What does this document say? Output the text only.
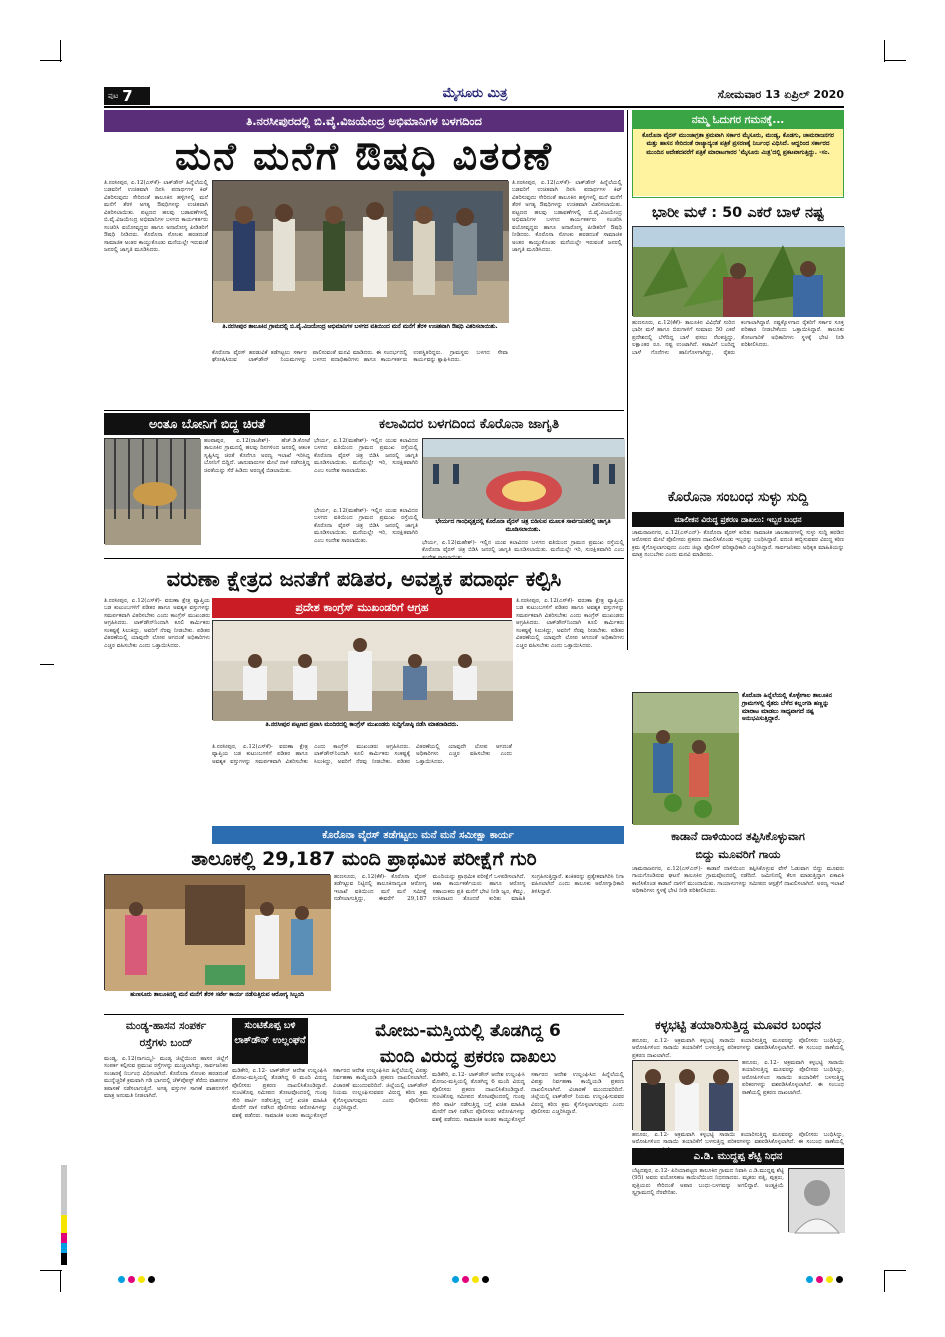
ಪುಟ 7	ಮೈಸೂರು ಮಿತ್ರ	ಸೋಮವಾರ 13 ಏಪ್ರಿಲ್ 2020
ತಿ.ನರಸೀಪುರದಲ್ಲಿ ಬಿ.ವೈ.ವಿಜಯೇಂದ್ರ ಅಭಿಮಾನಿಗಳ ಬಳಗದಿಂದ
ಮನೆ ಮನೆಗೆ ಔಷಧಿ ವಿತರಣೆ
ತಿ.ನರಸೀಪುರ, ಏ.12(ಎಸ್‌ಕೆ)- ಲಾಕ್‌ಡೌನ್ ಹಿನ್ನೆಲೆಯಲ್ಲಿ ಬಡವರಿಗೆ ಉಚಿತವಾಗಿ ದಿನಸಿ ಪದಾರ್ಥಗಳ ಕಿಟ್ ವಿತರಿಸುವುದು ಸೇರಿದಂತೆ ತಾಲೂಕಿನ ಹಳ್ಳಿಗಳಲ್ಲಿ ಮನೆ ಮನೆಗೆ ತೆರಳಿ ಅಗತ್ಯ ಔಷಧಿಗಳನ್ನು ಉಚಿತವಾಗಿ ವಿತರಿಸಲಾಯಿತು. ಪಟ್ಟಣದ ಹಲವು ಬಡಾವಣೆಗಳಲ್ಲಿ ಬಿ.ವೈ.ವಿಜಯೇಂದ್ರ ಅಭಿಮಾನಿಗಳ ಬಳಗದ ಕಾರ್ಯಕರ್ತರು ಸಂಚರಿಸಿ ವಯೋವೃದ್ಧರು ಹಾಗೂ ಅನಾರೋಗ್ಯ ಪೀಡಿತರಿಗೆ ಔಷಧಿ ನೀಡಿದರು. ಕೊರೊನಾ ಸೋಂಕು ಹರಡದಂತೆ ಸಾಮಾಜಿಕ ಅಂತರ ಕಾಯ್ದುಕೊಂಡು ಮನೆಯಲ್ಲೇ ಇರುವಂತೆ ಜನರಲ್ಲಿ ಜಾಗೃತಿ ಮೂಡಿಸಿದರು.
ತಿ.ನರಸೀಪುರ ತಾಲೂಕಿನ ಗ್ರಾಮದಲ್ಲಿ ಬಿ.ವೈ.ವಿಜಯೇಂದ್ರ ಅಭಿಮಾನಿಗಳ ಬಳಗದ ವತಿಯಿಂದ ಮನೆ ಮನೆಗೆ ತೆರಳಿ ಉಚಿತವಾಗಿ ಔಷಧಿ ವಿತರಿಸಲಾಯಿತು.
ಕೊರೊನಾ ವೈರಸ್ ಹರಡುವಿಕೆ ತಡೆಗಟ್ಟಲು ಸರ್ಕಾರ ಘೋಷಿಸಿರುವ ಲಾಕ್‌ಡೌನ್ ನಿಯಮಗಳನ್ನು ಪಾಲಿಸುವಂತೆ ಮನವಿ ಮಾಡಿದರು. ಈ ಸಂದರ್ಭದಲ್ಲಿ ಬಳಗದ ಪದಾಧಿಕಾರಿಗಳು ಹಾಗೂ ಕಾರ್ಯಕರ್ತರು ಉಪಸ್ಥಿತರಿದ್ದರು. ಗ್ರಾಮಸ್ಥರು ಬಳಗದ ಸೇವಾ ಕಾರ್ಯವನ್ನು ಶ್ಲಾಘಿಸಿದರು.
ತಿ.ನರಸೀಪುರ, ಏ.12(ಎಸ್‌ಕೆ)- ಲಾಕ್‌ಡೌನ್ ಹಿನ್ನೆಲೆಯಲ್ಲಿ ಬಡವರಿಗೆ ಉಚಿತವಾಗಿ ದಿನಸಿ ಪದಾರ್ಥಗಳ ಕಿಟ್ ವಿತರಿಸುವುದು ಸೇರಿದಂತೆ ತಾಲೂಕಿನ ಹಳ್ಳಿಗಳಲ್ಲಿ ಮನೆ ಮನೆಗೆ ತೆರಳಿ ಅಗತ್ಯ ಔಷಧಿಗಳನ್ನು ಉಚಿತವಾಗಿ ವಿತರಿಸಲಾಯಿತು. ಪಟ್ಟಣದ ಹಲವು ಬಡಾವಣೆಗಳಲ್ಲಿ ಬಿ.ವೈ.ವಿಜಯೇಂದ್ರ ಅಭಿಮಾನಿಗಳ ಬಳಗದ ಕಾರ್ಯಕರ್ತರು ಸಂಚರಿಸಿ ವಯೋವೃದ್ಧರು ಹಾಗೂ ಅನಾರೋಗ್ಯ ಪೀಡಿತರಿಗೆ ಔಷಧಿ ನೀಡಿದರು. ಕೊರೊನಾ ಸೋಂಕು ಹರಡದಂತೆ ಸಾಮಾಜಿಕ ಅಂತರ ಕಾಯ್ದುಕೊಂಡು ಮನೆಯಲ್ಲೇ ಇರುವಂತೆ ಜನರಲ್ಲಿ ಜಾಗೃತಿ ಮೂಡಿಸಿದರು.
ನಮ್ಮ ಓದುಗರ ಗಮನಕ್ಕೆ...
ಕೊರೊನಾ ವೈರಸ್ ಮುಂಜಾಗ್ರತಾ ಕ್ರಮವಾಗಿ ಸರ್ಕಾರ ಮೈಸೂರು, ಮಂಡ್ಯ, ಕೊಡಗು, ಚಾಮರಾಜನಗರ ಮತ್ತು ಹಾಸನ ಸೇರಿದಂತೆ ರಾಜ್ಯಾದ್ಯಂತ ಪತ್ರಿಕೆ ಪ್ರಸರಣಕ್ಕೆ ನಿರ್ಬಂಧ ವಿಧಿಸಿದೆ. ಆದ್ದರಿಂದ ಸರ್ಕಾರದ ಮುಂದಿನ ಆದೇಶದವರೆಗೆ ಪತ್ರಿಕೆ ಮಾರಾಟಗಾರರ 'ಮೈಸೂರು ಮಿತ್ರ'ದಲ್ಲಿ ಪ್ರಕಟವಾಗುತ್ತಿದ್ದು. -ಸಂ.
ಭಾರೀ ಮಳೆ : 50 ಎಕರೆ ಬಾಳೆ ನಷ್ಟ
ಹುಣಸೂರು, ಏ.12(ಕೆಕೆ)- ತಾಲೂಕಿನ ವಿವಿಧೆಡೆ ಸುರಿದ ಭಾರೀ ಮಳೆ ಹಾಗೂ ಬಿರುಗಾಳಿಗೆ ಸುಮಾರು 50 ಎಕರೆ ಪ್ರದೇಶದಲ್ಲಿ ಬೆಳೆದಿದ್ದ ಬಾಳೆ ಫಸಲು ನೆಲಕಚ್ಚಿದ್ದು, ಲಕ್ಷಾಂತರ ರೂ. ನಷ್ಟ ಉಂಟಾಗಿದೆ. ಕಟಾವಿಗೆ ಬಂದಿದ್ದ ಬಾಳೆ ಗೊನೆಗಳು ಹಾನಿಗೊಳಗಾಗಿದ್ದು, ರೈತರು ಕಂಗಾಲಾಗಿದ್ದಾರೆ. ನಷ್ಟಕ್ಕೊಳಗಾದ ರೈತರಿಗೆ ಸರ್ಕಾರ ಸೂಕ್ತ ಪರಿಹಾರ ನೀಡಬೇಕೆಂದು ಒತ್ತಾಯಿಸಿದ್ದಾರೆ. ತಾಲೂಕು ತೋಟಗಾರಿಕೆ ಅಧಿಕಾರಿಗಳು ಸ್ಥಳಕ್ಕೆ ಭೇಟಿ ನೀಡಿ ಪರಿಶೀಲಿಸಿದರು.
ಅಂತೂ ಬೋನಿಗೆ ಬಿದ್ದ ಚಿರತೆ
ಹಂಪಾಪುರ, ಏ.12(ರಾಜೇಶ್)- ಹೆಚ್.ಡಿ.ಕೋಟೆ ತಾಲೂಕಿನ ಗ್ರಾಮದಲ್ಲಿ ಹಲವು ದಿನಗಳಿಂದ ಜನರಲ್ಲಿ ಆತಂಕ ಸೃಷ್ಟಿಸಿದ್ದ ಚಿರತೆ ಕೊನೆಗೂ ಅರಣ್ಯ ಇಲಾಖೆ ಇರಿಸಿದ್ದ ಬೋನಿಗೆ ಬಿದ್ದಿದೆ. ಜಾನುವಾರುಗಳ ಮೇಲೆ ದಾಳಿ ನಡೆಸುತ್ತಿದ್ದ ಚಿರತೆಯನ್ನು ಸೆರೆ ಹಿಡಿದು ಅರಣ್ಯಕ್ಕೆ ಬಿಡಲಾಯಿತು.
ಕಲಾವಿದರ ಬಳಗದಿಂದ ಕೊರೊನಾ ಜಾಗೃತಿ
ಭೇರ್ಯ, ಏ.12(ಮಹೇಶ್)- ಇಲ್ಲಿನ ಯುವ ಕಲಾವಿದರ ಬಳಗದ ವತಿಯಿಂದ ಗ್ರಾಮದ ಪ್ರಮುಖ ರಸ್ತೆಯಲ್ಲಿ ಕೊರೊನಾ ವೈರಸ್ ಚಿತ್ರ ಬಿಡಿಸಿ ಜನರಲ್ಲಿ ಜಾಗೃತಿ ಮೂಡಿಸಲಾಯಿತು. ಮನೆಯಲ್ಲೇ ಇರಿ, ಸುರಕ್ಷಿತವಾಗಿರಿ ಎಂಬ ಸಂದೇಶ ಸಾರಲಾಯಿತು.
ಭೇರ್ಯದ ಗಾಂಧಿವೃತ್ತದಲ್ಲಿ ಕೊರೊನಾ ವೈರಸ್ ಚಿತ್ರ ಬಿಡಿಸುವ ಮೂಲಕ ಸಾರ್ವಜನಿಕರಲ್ಲಿ ಜಾಗೃತಿ ಮೂಡಿಸಲಾಯಿತು.
ಭೇರ್ಯ, ಏ.12(ಮಹೇಶ್)- ಇಲ್ಲಿನ ಯುವ ಕಲಾವಿದರ ಬಳಗದ ವತಿಯಿಂದ ಗ್ರಾಮದ ಪ್ರಮುಖ ರಸ್ತೆಯಲ್ಲಿ ಕೊರೊನಾ ವೈರಸ್ ಚಿತ್ರ ಬಿಡಿಸಿ ಜನರಲ್ಲಿ ಜಾಗೃತಿ ಮೂಡಿಸಲಾಯಿತು. ಮನೆಯಲ್ಲೇ ಇರಿ, ಸುರಕ್ಷಿತವಾಗಿರಿ ಎಂಬ ಸಂದೇಶ ಸಾರಲಾಯಿತು.	ಭೇರ್ಯ, ಏ.12(ಮಹೇಶ್)- ಇಲ್ಲಿನ ಯುವ ಕಲಾವಿದರ ಬಳಗದ ವತಿಯಿಂದ ಗ್ರಾಮದ ಪ್ರಮುಖ ರಸ್ತೆಯಲ್ಲಿ ಕೊರೊನಾ ವೈರಸ್ ಚಿತ್ರ ಬಿಡಿಸಿ ಜನರಲ್ಲಿ ಜಾಗೃತಿ ಮೂಡಿಸಲಾಯಿತು. ಮನೆಯಲ್ಲೇ ಇರಿ, ಸುರಕ್ಷಿತವಾಗಿರಿ ಎಂಬ
ವರುಣಾ ಕ್ಷೇತ್ರದ ಜನತೆಗೆ ಪಡಿತರ, ಅವಶ್ಯಕ ಪದಾರ್ಥ ಕಲ್ಪಿಸಿ
ತಿ.ನರಸೀಪುರ, ಏ.12(ಎಸ್‌ಕೆ)- ವರುಣಾ ಕ್ಷೇತ್ರ ವ್ಯಾಪ್ತಿಯ ಬಡ ಕುಟುಂಬಗಳಿಗೆ ಪಡಿತರ ಹಾಗೂ ಅವಶ್ಯಕ ವಸ್ತುಗಳನ್ನು ಸಮರ್ಪಕವಾಗಿ ವಿತರಿಸಬೇಕು ಎಂದು ಕಾಂಗ್ರೆಸ್ ಮುಖಂಡರು ಆಗ್ರಹಿಸಿದರು. ಲಾಕ್‌ಡೌನ್‌ನಿಂದಾಗಿ ಕೂಲಿ ಕಾರ್ಮಿಕರು ಸಂಕಷ್ಟಕ್ಕೆ ಸಿಲುಕಿದ್ದು, ಅವರಿಗೆ ನೆರವು ನೀಡಬೇಕು. ಪಡಿತರ ವಿತರಣೆಯಲ್ಲಿ ಯಾವುದೇ ಲೋಪ ಆಗದಂತೆ ಅಧಿಕಾರಿಗಳು ಎಚ್ಚರ ವಹಿಸಬೇಕು ಎಂದು ಒತ್ತಾಯಿಸಿದರು.
ಪ್ರದೇಶ ಕಾಂಗ್ರೆಸ್ ಮುಖಂಡರಿಗೆ ಆಗ್ರಹ
ತಿ.ನರಸೀಪುರ ಪಟ್ಟಣದ ಪ್ರವಾಸಿ ಮಂದಿರದಲ್ಲಿ ಕಾಂಗ್ರೆಸ್ ಮುಖಂಡರು ಸುದ್ದಿಗೋಷ್ಠಿ ನಡೆಸಿ ಮಾತನಾಡಿದರು.
ತಿ.ನರಸೀಪುರ, ಏ.12(ಎಸ್‌ಕೆ)- ವರುಣಾ ಕ್ಷೇತ್ರ ವ್ಯಾಪ್ತಿಯ ಬಡ ಕುಟುಂಬಗಳಿಗೆ ಪಡಿತರ ಹಾಗೂ ಅವಶ್ಯಕ ವಸ್ತುಗಳನ್ನು ಸಮರ್ಪಕವಾಗಿ ವಿತರಿಸಬೇಕು ಎಂದು ಕಾಂಗ್ರೆಸ್ ಮುಖಂಡರು ಆಗ್ರಹಿಸಿದರು. ಲಾಕ್‌ಡೌನ್‌ನಿಂದಾಗಿ ಕೂಲಿ ಕಾರ್ಮಿಕರು ಸಂಕಷ್ಟಕ್ಕೆ ಸಿಲುಕಿದ್ದು, ಅವರಿಗೆ ನೆರವು ನೀಡಬೇಕು. ಪಡಿತರ ವಿತರಣೆಯಲ್ಲಿ ಯಾವುದೇ ಲೋಪ ಆಗದಂತೆ ಅಧಿಕಾರಿಗಳು ಎಚ್ಚರ ವಹಿಸಬೇಕು ಎಂದು ಒತ್ತಾಯಿಸಿದರು.
ತಿ.ನರಸೀಪುರ, ಏ.12(ಎಸ್‌ಕೆ)- ವರುಣಾ ಕ್ಷೇತ್ರ ವ್ಯಾಪ್ತಿಯ ಬಡ ಕುಟುಂಬಗಳಿಗೆ ಪಡಿತರ ಹಾಗೂ ಅವಶ್ಯಕ ವಸ್ತುಗಳನ್ನು ಸಮರ್ಪಕವಾಗಿ ವಿತರಿಸಬೇಕು ಎಂದು ಕಾಂಗ್ರೆಸ್ ಮುಖಂಡರು ಆಗ್ರಹಿಸಿದರು. ಲಾಕ್‌ಡೌನ್‌ನಿಂದಾಗಿ ಕೂಲಿ ಕಾರ್ಮಿಕರು ಸಂಕಷ್ಟಕ್ಕೆ ಸಿಲುಕಿದ್ದು, ಅವರಿಗೆ ನೆರವು ನೀಡಬೇಕು. ಪಡಿತರ ವಿತರಣೆಯಲ್ಲಿ ಯಾವುದೇ ಲೋಪ ಆಗದಂತೆ ಅಧಿಕಾರಿಗಳು ಎಚ್ಚರ ವಹಿಸಬೇಕು ಎಂದು ಒತ್ತಾಯಿಸಿದರು.
ಕೊರೊನಾ ಸಂಬಂಧ ಸುಳ್ಳು ಸುದ್ದಿ
ಮಾಲೀಕನ ವಿರುದ್ಧ ಪ್ರಕರಣ ದಾಖಲು: ಇಬ್ಬರ ಬಂಧನ
ಚಾಮರಾಜನಗರ, ಏ.12(ಎಸ್‌ಎನ್)- ಕೊರೊನಾ ವೈರಸ್ ಕುರಿತು ಸಾಮಾಜಿಕ ಜಾಲತಾಣಗಳಲ್ಲಿ ಸುಳ್ಳು ಸುದ್ದಿ ಹರಡಿದ ಆರೋಪದ ಮೇಲೆ ಪೊಲೀಸರು ಪ್ರಕರಣ ದಾಖಲಿಸಿಕೊಂಡು ಇಬ್ಬರನ್ನು ಬಂಧಿಸಿದ್ದಾರೆ. ವದಂತಿ ಹಬ್ಬಿಸುವವರ ವಿರುದ್ಧ ಕಠಿಣ ಕ್ರಮ ಕೈಗೊಳ್ಳಲಾಗುವುದು ಎಂದು ಜಿಲ್ಲಾ ಪೊಲೀಸ್ ವರಿಷ್ಠಾಧಿಕಾರಿ ಎಚ್ಚರಿಸಿದ್ದಾರೆ. ಸಾರ್ವಜನಿಕರು ಅಧಿಕೃತ ಮಾಹಿತಿಯನ್ನು ಮಾತ್ರ ನಂಬಬೇಕು ಎಂದು ಮನವಿ ಮಾಡಿದರು.
ಕೊರೊನಾ ಹಿನ್ನೆಲೆಯಲ್ಲಿ ಕೊಳ್ಳೇಗಾಲ ತಾಲೂಕಿನ ಗ್ರಾಮಗಳಲ್ಲಿ ರೈತರು ಬೆಳೆದ ಕಲ್ಲಂಗಡಿ ಹಣ್ಣನ್ನು ಮಾರಾಟ ಮಾಡಲು ಸಾಧ್ಯವಾಗದೆ ನಷ್ಟ ಅನುಭವಿಸುತ್ತಿದ್ದಾರೆ.
ಕಾಡಾನೆ ದಾಳಿಯಿಂದ ತಪ್ಪಿಸಿಕೊಳ್ಳುವಾಗ
ಬಿದ್ದು ಮೂವರಿಗೆ ಗಾಯ
ಚಾಮರಾಜನಗರ, ಏ.12(ಎಸ್‌ಎನ್)- ಕಾಡಾನೆ ದಾಳಿಯಿಂದ ತಪ್ಪಿಸಿಕೊಳ್ಳುವ ವೇಳೆ ಓಡುವಾಗ ಬಿದ್ದು ಮೂವರು ಗಾಯಗೊಂಡಿರುವ ಘಟನೆ ತಾಲೂಕಿನ ಗ್ರಾಮವೊಂದರಲ್ಲಿ ನಡೆದಿದೆ. ಜಮೀನಿನಲ್ಲಿ ಕೆಲಸ ಮಾಡುತ್ತಿದ್ದಾಗ ಏಕಾಏಕಿ ಕಾಣಿಸಿಕೊಂಡ ಕಾಡಾನೆ ದಾಳಿಗೆ ಮುಂದಾಯಿತು. ಗಾಯಾಳುಗಳನ್ನು ಸಮೀಪದ ಆಸ್ಪತ್ರೆಗೆ ದಾಖಲಿಸಲಾಗಿದೆ. ಅರಣ್ಯ ಇಲಾಖೆ ಅಧಿಕಾರಿಗಳು ಸ್ಥಳಕ್ಕೆ ಭೇಟಿ ನೀಡಿ ಪರಿಶೀಲಿಸಿದರು.
ಕೊರೊನಾ ವೈರಸ್ ತಡೆಗಟ್ಟಲು ಮನೆ ಮನೆ ಸಮೀಕ್ಷಾ ಕಾರ್ಯ
ತಾಲೂಕಲ್ಲಿ 29,187 ಮಂದಿ ಪ್ರಾಥಮಿಕ ಪರೀಕ್ಷೆಗೆ ಗುರಿ
ಹುಣಸೂರು ತಾಲೂಕಿನಲ್ಲಿ ಮನೆ ಮನೆಗೆ ತೆರಳಿ ಸರ್ವೇ ಕಾರ್ಯ ನಡೆಸುತ್ತಿರುವ ಆರೋಗ್ಯ ಸಿಬ್ಬಂದಿ
ಹುಣಸೂರು, ಏ.12(ಕೆಕೆ)- ಕೊರೊನಾ ವೈರಸ್ ತಡೆಗಟ್ಟುವ ನಿಟ್ಟಿನಲ್ಲಿ ತಾಲೂಕಿನಾದ್ಯಂತ ಆರೋಗ್ಯ ಇಲಾಖೆ ವತಿಯಿಂದ ಮನೆ ಮನೆ ಸಮೀಕ್ಷೆ ನಡೆಸಲಾಗುತ್ತಿದ್ದು, ಈವರೆಗೆ 29,187 ಮಂದಿಯನ್ನು ಪ್ರಾಥಮಿಕ ಪರೀಕ್ಷೆಗೆ ಒಳಪಡಿಸಲಾಗಿದೆ. ಆಶಾ ಕಾರ್ಯಕರ್ತೆಯರು ಹಾಗೂ ಆರೋಗ್ಯ ಸಹಾಯಕರು ಪ್ರತಿ ಮನೆಗೆ ಭೇಟಿ ನೀಡಿ ಜ್ವರ, ಕೆಮ್ಮು, ಉಸಿರಾಟದ ತೊಂದರೆ ಕುರಿತು ಮಾಹಿತಿ ಸಂಗ್ರಹಿಸುತ್ತಿದ್ದಾರೆ. ಶಂಕಿತರನ್ನು ಪ್ರತ್ಯೇಕವಾಗಿರಿಸಿ ನಿಗಾ ವಹಿಸಲಾಗಿದೆ ಎಂದು ತಾಲೂಕು ಆರೋಗ್ಯಾಧಿಕಾರಿ ತಿಳಿಸಿದ್ದಾರೆ.
ಕಳ್ಳಭಟ್ಟಿ ತಯಾರಿಸುತ್ತಿದ್ದ ಮೂವರ ಬಂಧನ
ಹನೂರು, ಏ.12- ಅಕ್ರಮವಾಗಿ ಕಳ್ಳಭಟ್ಟಿ ಸಾರಾಯಿ ತಯಾರಿಸುತ್ತಿದ್ದ ಮೂವರನ್ನು ಪೊಲೀಸರು ಬಂಧಿಸಿದ್ದು, ಆರೋಪಿಗಳಿಂದ ಸಾರಾಯಿ ತಯಾರಿಕೆಗೆ ಬಳಸುತ್ತಿದ್ದ ಪರಿಕರಗಳನ್ನು ವಶಪಡಿಸಿಕೊಳ್ಳಲಾಗಿದೆ. ಈ ಸಂಬಂಧ ಠಾಣೆಯಲ್ಲಿ ಪ್ರಕರಣ ದಾಖಲಾಗಿದೆ.
ಹನೂರು, ಏ.12- ಅಕ್ರಮವಾಗಿ ಕಳ್ಳಭಟ್ಟಿ ಸಾರಾಯಿ ತಯಾರಿಸುತ್ತಿದ್ದ ಮೂವರನ್ನು ಪೊಲೀಸರು ಬಂಧಿಸಿದ್ದು, ಆರೋಪಿಗಳಿಂದ ಸಾರಾಯಿ ತಯಾರಿಕೆಗೆ ಬಳಸುತ್ತಿದ್ದ ಪರಿಕರಗಳನ್ನು ವಶಪಡಿಸಿಕೊಳ್ಳಲಾಗಿದೆ. ಈ ಸಂಬಂಧ ಠಾಣೆಯಲ್ಲಿ ಪ್ರಕರಣ ದಾಖಲಾಗಿದೆ.
ಹನೂರು, ಏ.12- ಅಕ್ರಮವಾಗಿ ಕಳ್ಳಭಟ್ಟಿ ಸಾರಾಯಿ ತಯಾರಿಸುತ್ತಿದ್ದ ಮೂವರನ್ನು ಪೊಲೀಸರು ಬಂಧಿಸಿದ್ದು, ಆರೋಪಿಗಳಿಂದ ಸಾರಾಯಿ ತಯಾರಿಕೆಗೆ ಬಳಸುತ್ತಿದ್ದ ಪರಿಕರಗಳನ್ನು ವಶಪಡಿಸಿಕೊಳ್ಳಲಾಗಿದೆ. ಈ ಸಂಬಂಧ ಠಾಣೆಯಲ್ಲಿ
ಎ.ಡಿ. ಮುದ್ದಪ್ಪ ಶೆಟ್ಟಿ ನಿಧನ
ಬೆಟ್ಟದಪುರ, ಏ.12- ಪಿರಿಯಾಪಟ್ಟಣ ತಾಲೂಕಿನ ಗ್ರಾಮದ ನಿವಾಸಿ ಎ.ಡಿ.ಮುದ್ದಪ್ಪ ಶೆಟ್ಟಿ (95) ಅವರು ವಯೋಸಹಜ ಕಾಯಿಲೆಯಿಂದ ನಿಧನರಾದರು. ಮೃತರು ಪತ್ನಿ, ಪುತ್ರರು, ಪುತ್ರಿಯರು ಸೇರಿದಂತೆ ಅಪಾರ ಬಂಧು-ಬಳಗವನ್ನು ಅಗಲಿದ್ದಾರೆ. ಅಂತ್ಯಕ್ರಿಯೆ ಸ್ವಗ್ರಾಮದಲ್ಲಿ ನೆರವೇರಿತು.
ಮಂಡ್ಯ-ಹಾಸನ ಸಂಪರ್ಕ
ರಸ್ತೆಗಳು ಬಂದ್
ಮಂಡ್ಯ, ಏ.12(ನಾಗಯ್ಯ)- ಮಂಡ್ಯ ಜಿಲ್ಲೆಯಿಂದ ಹಾಸನ ಜಿಲ್ಲೆಗೆ ಸಂಪರ್ಕ ಕಲ್ಪಿಸುವ ಪ್ರಮುಖ ರಸ್ತೆಗಳನ್ನು ಮುಚ್ಚಲಾಗಿದ್ದು, ಸಾರ್ವಜನಿಕರ ಸಂಚಾರಕ್ಕೆ ನಿರ್ಬಂಧ ವಿಧಿಸಲಾಗಿದೆ. ಕೊರೊನಾ ಸೋಂಕು ಹರಡದಂತೆ ಮುನ್ನೆಚ್ಚರಿಕೆ ಕ್ರಮವಾಗಿ ಗಡಿ ಭಾಗದಲ್ಲಿ ಚೆಕ್‌ಪೋಸ್ಟ್ ತೆರೆದು ವಾಹನಗಳ ತಪಾಸಣೆ ನಡೆಸಲಾಗುತ್ತಿದೆ. ಅಗತ್ಯ ವಸ್ತುಗಳ ಸಾಗಣೆ ವಾಹನಗಳಿಗೆ ಮಾತ್ರ ಅನುಮತಿ ನೀಡಲಾಗಿದೆ.
ಸುಂಟಿಕೊಪ್ಪ ಬಳಿ ಲಾಕ್‌ಡೌನ್ ಉಲ್ಲಂಘನೆ	ಮೋಜು-ಮಸ್ತಿಯಲ್ಲಿ ತೊಡಗಿದ್ದ 6
ಮಂದಿ ವಿರುದ್ಧ ಪ್ರಕರಣ ದಾಖಲು
ಮಡಿಕೇರಿ, ಏ.12- ಲಾಕ್‌ಡೌನ್ ಆದೇಶ ಉಲ್ಲಂಘಿಸಿ ಮೋಜು-ಮಸ್ತಿಯಲ್ಲಿ ತೊಡಗಿದ್ದ 6 ಮಂದಿ ವಿರುದ್ಧ ಪೊಲೀಸರು ಪ್ರಕರಣ ದಾಖಲಿಸಿಕೊಂಡಿದ್ದಾರೆ. ಸುಂಟಿಕೊಪ್ಪ ಸಮೀಪದ ತೋಟವೊಂದರಲ್ಲಿ ಗುಂಪು ಸೇರಿ ಪಾರ್ಟಿ ನಡೆಸುತ್ತಿದ್ದ ಬಗ್ಗೆ ಖಚಿತ ಮಾಹಿತಿ ಮೇರೆಗೆ ದಾಳಿ ನಡೆಸಿದ ಪೊಲೀಸರು ಆರೋಪಿಗಳನ್ನು ವಶಕ್ಕೆ ಪಡೆದರು. ಸಾಮಾಜಿಕ ಅಂತರ ಕಾಯ್ದುಕೊಳ್ಳದೆ ಸರ್ಕಾರದ ಆದೇಶ ಉಲ್ಲಂಘಿಸಿದ ಹಿನ್ನೆಲೆಯಲ್ಲಿ ವಿಪತ್ತು ನಿರ್ವಹಣಾ ಕಾಯ್ದೆಯಡಿ ಪ್ರಕರಣ ದಾಖಲಿಸಲಾಗಿದೆ. ವಿಚಾರಣೆ ಮುಂದುವರಿದಿದೆ. ಜಿಲ್ಲೆಯಲ್ಲಿ ಲಾಕ್‌ಡೌನ್ ನಿಯಮ ಉಲ್ಲಂಘಿಸುವವರ ವಿರುದ್ಧ ಕಠಿಣ ಕ್ರಮ ಕೈಗೊಳ್ಳಲಾಗುವುದು ಎಂದು ಪೊಲೀಸರು ಎಚ್ಚರಿಸಿದ್ದಾರೆ.
ಮಡಿಕೇರಿ, ಏ.12- ಲಾಕ್‌ಡೌನ್ ಆದೇಶ ಉಲ್ಲಂಘಿಸಿ ಮೋಜು-ಮಸ್ತಿಯಲ್ಲಿ ತೊಡಗಿದ್ದ 6 ಮಂದಿ ವಿರುದ್ಧ ಪೊಲೀಸರು ಪ್ರಕರಣ ದಾಖಲಿಸಿಕೊಂಡಿದ್ದಾರೆ. ಸುಂಟಿಕೊಪ್ಪ ಸಮೀಪದ ತೋಟವೊಂದರಲ್ಲಿ ಗುಂಪು ಸೇರಿ ಪಾರ್ಟಿ ನಡೆಸುತ್ತಿದ್ದ ಬಗ್ಗೆ ಖಚಿತ ಮಾಹಿತಿ ಮೇರೆಗೆ ದಾಳಿ ನಡೆಸಿದ ಪೊಲೀಸರು ಆರೋಪಿಗಳನ್ನು ವಶಕ್ಕೆ ಪಡೆದರು. ಸಾಮಾಜಿಕ ಅಂತರ ಕಾಯ್ದುಕೊಳ್ಳದೆ ಸರ್ಕಾರದ ಆದೇಶ ಉಲ್ಲಂಘಿಸಿದ ಹಿನ್ನೆಲೆಯಲ್ಲಿ ವಿಪತ್ತು ನಿರ್ವಹಣಾ ಕಾಯ್ದೆಯಡಿ ಪ್ರಕರಣ ದಾಖಲಿಸಲಾಗಿದೆ. ವಿಚಾರಣೆ ಮುಂದುವರಿದಿದೆ. ಜಿಲ್ಲೆಯಲ್ಲಿ ಲಾಕ್‌ಡೌನ್ ನಿಯಮ ಉಲ್ಲಂಘಿಸುವವರ ವಿರುದ್ಧ ಕಠಿಣ ಕ್ರಮ ಕೈಗೊಳ್ಳಲಾಗುವುದು ಎಂದು ಪೊಲೀಸರು ಎಚ್ಚರಿಸಿದ್ದಾರೆ.
